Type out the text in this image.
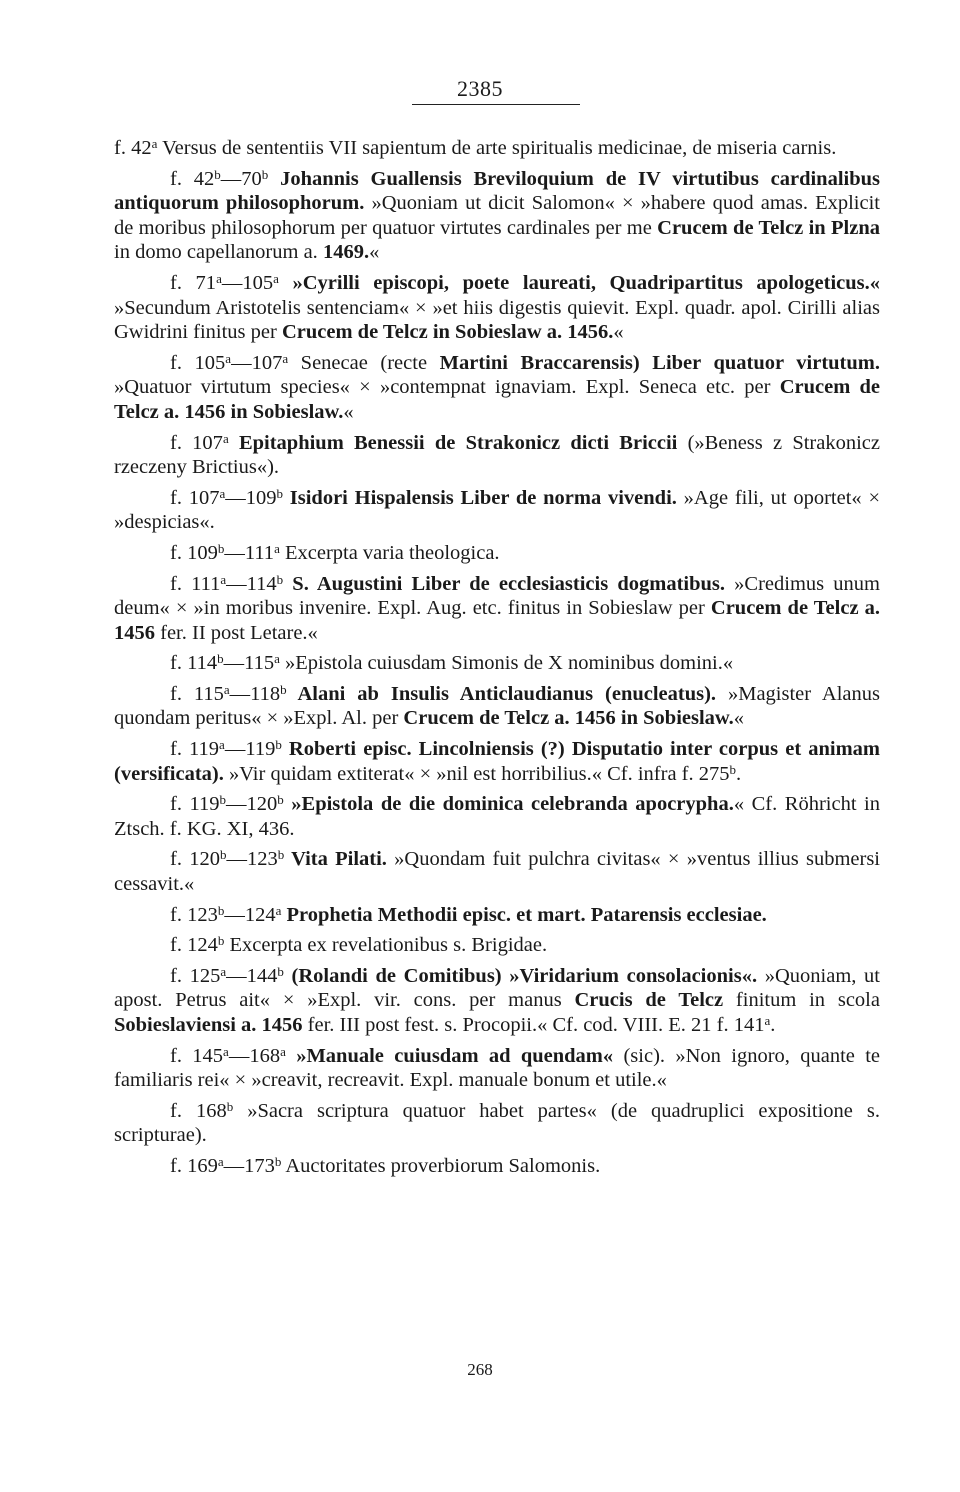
2385

f. 42$^a$ Versus de sententiis VII sapientum de arte spiritualis medicinae, de miseria carnis.

f. 42$^b$—70$^b$ Johannis Guallensis Breviloquium de IV virtutibus cardinalibus antiquorum philosophorum. »Quoniam ut dicit Salomon« × »habere quod amas. Explicit de moribus philosophorum per quatuor virtutes cardinales per me Crucem de Telcz in Plzna in domo capellanorum a. 1469.«

f. 71$^a$—105$^a$ »Cyrilli episcopi, poete laureati, Quadripartitus apologeticus.« »Secundum Aristotelis sentenciam« × »et hiis digestis quievit. Expl. quadr. apol. Cirilli alias Gwidrini finitus per Crucem de Telcz in Sobieslaw a. 1456.«

f. 105$^a$—107$^a$ Senecae (recte Martini Braccarensis) Liber quatuor virtutum. »Quatuor virtutum species« × »contempnat ignaviam. Expl. Seneca etc. per Crucem de Telcz a. 1456 in Sobieslaw.«

f. 107$^a$ Epitaphium Benessii de Strakonicz dicti Briccii (»Beness z Strakonicz rzeczeny Brictius«).

f. 107$^a$—109$^b$ Isidori Hispalensis Liber de norma vivendi. »Age fili, ut oportet« × »despicias«.

f. 109$^b$—111$^a$ Excerpta varia theologica.

f. 111$^a$—114$^b$ S. Augustini Liber de ecclesiasticis dogmatibus. »Credimus unum deum« × »in moribus invenire. Expl. Aug. etc. finitus in Sobieslaw per Crucem de Telcz a. 1456 fer. II post Letare.«

f. 114$^b$—115$^a$ »Epistola cuiusdam Simonis de X nominibus domini.«

f. 115$^a$—118$^b$ Alani ab Insulis Anticlaudianus (enucleatus). »Magister Alanus quondam peritus« × »Expl. Al. per Crucem de Telcz a. 1456 in Sobieslaw.«

f. 119$^a$—119$^b$ Roberti episc. Lincolniensis (?) Disputatio inter corpus et animam (versificata). »Vir quidam extiterat« × »nil est horribilius.« Cf. infra f. 275$^b$.

f. 119$^b$—120$^b$ »Epistola de die dominica celebranda apocrypha.« Cf. Röhricht in Ztsch. f. KG. XI, 436.

f. 120$^b$—123$^b$ Vita Pilati. »Quondam fuit pulchra civitas« × »ventus illius submersi cessavit.«

f. 123$^b$—124$^a$ Prophetia Methodii episc. et mart. Patarensis ecclesiae.

f. 124$^b$ Excerpta ex revelationibus s. Brigidae.

f. 125$^a$—144$^b$ (Rolandi de Comitibus) »Viridarium consolacionis«. »Quoniam, ut apost. Petrus ait« × »Expl. vir. cons. per manus Crucis de Telcz finitum in scola Sobieslaviensi a. 1456 fer. III post fest. s. Procopii.« Cf. cod. VIII. E. 21 f. 141$^a$.

f. 145$^a$—168$^a$ »Manuale cuiusdam ad quendam« (sic). »Non ignoro, quante te familiaris rei« × »creavit, recreavit. Expl. manuale bonum et utile.«

f. 168$^b$ »Sacra scriptura quatuor habet partes« (de quadruplici expositione s. scripturae).

f. 169$^a$—173$^b$ Auctoritates proverbiorum Salomonis.

268
